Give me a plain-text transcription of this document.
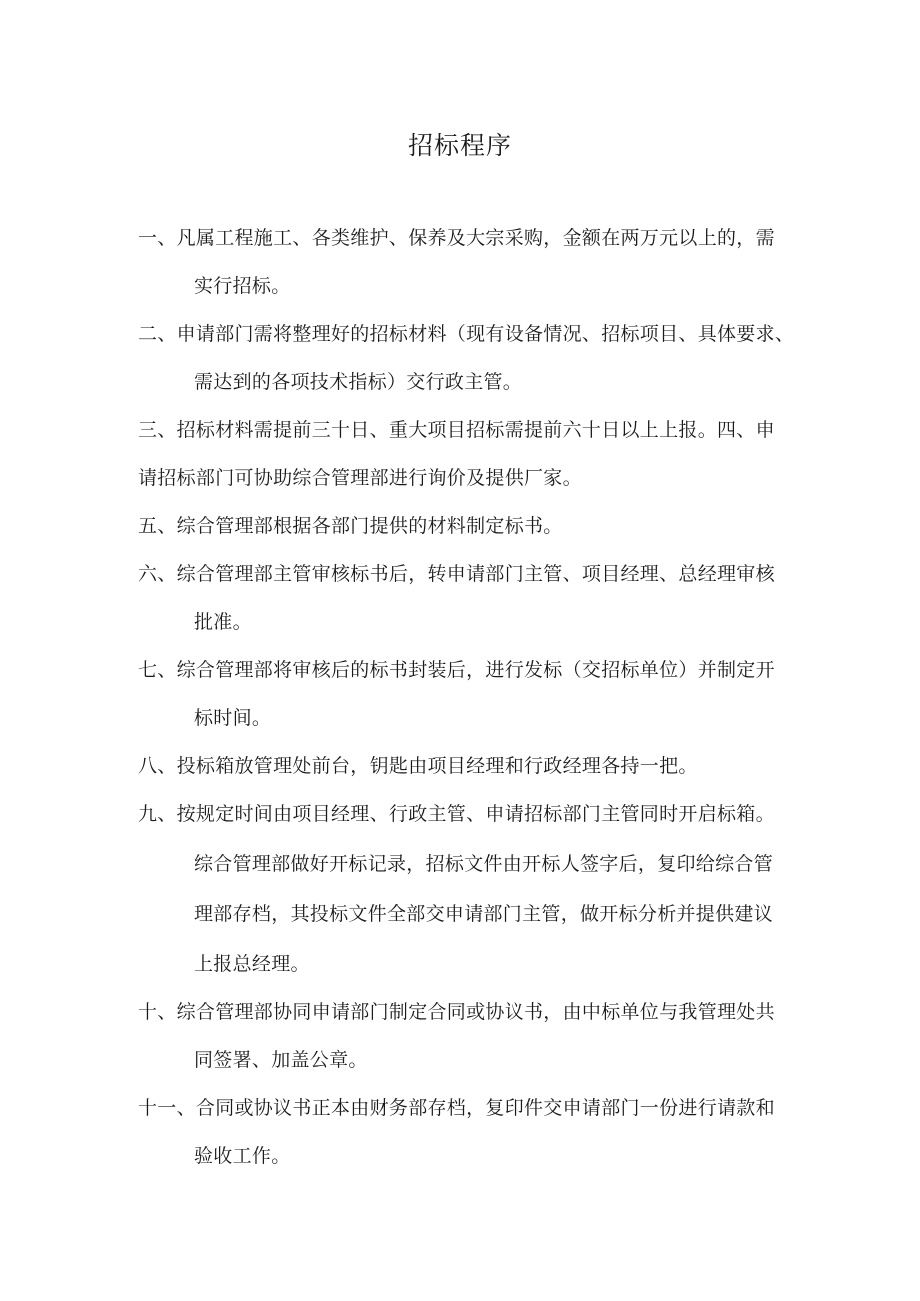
招标程序
一、凡属工程施工、各类维护、保养及大宗采购，金额在两万元以上的，需
实行招标。
二、申请部门需将整理好的招标材料（现有设备情况、招标项目、具体要求、
需达到的各项技术指标）交行政主管。
三、招标材料需提前三十日、重大项目招标需提前六十日以上上报。四、申
请招标部门可协助综合管理部进行询价及提供厂家。
五、综合管理部根据各部门提供的材料制定标书。
六、综合管理部主管审核标书后，转申请部门主管、项目经理、总经理审核
批准。
七、综合管理部将审核后的标书封装后，进行发标（交招标单位）并制定开
标时间。
八、投标箱放管理处前台，钥匙由项目经理和行政经理各持一把。
九、按规定时间由项目经理、行政主管、申请招标部门主管同时开启标箱。
综合管理部做好开标记录，招标文件由开标人签字后，复印给综合管
理部存档，其投标文件全部交申请部门主管，做开标分析并提供建议
上报总经理。
十、综合管理部协同申请部门制定合同或协议书，由中标单位与我管理处共
同签署、加盖公章。
十一、合同或协议书正本由财务部存档，复印件交申请部门一份进行请款和
验收工作。
